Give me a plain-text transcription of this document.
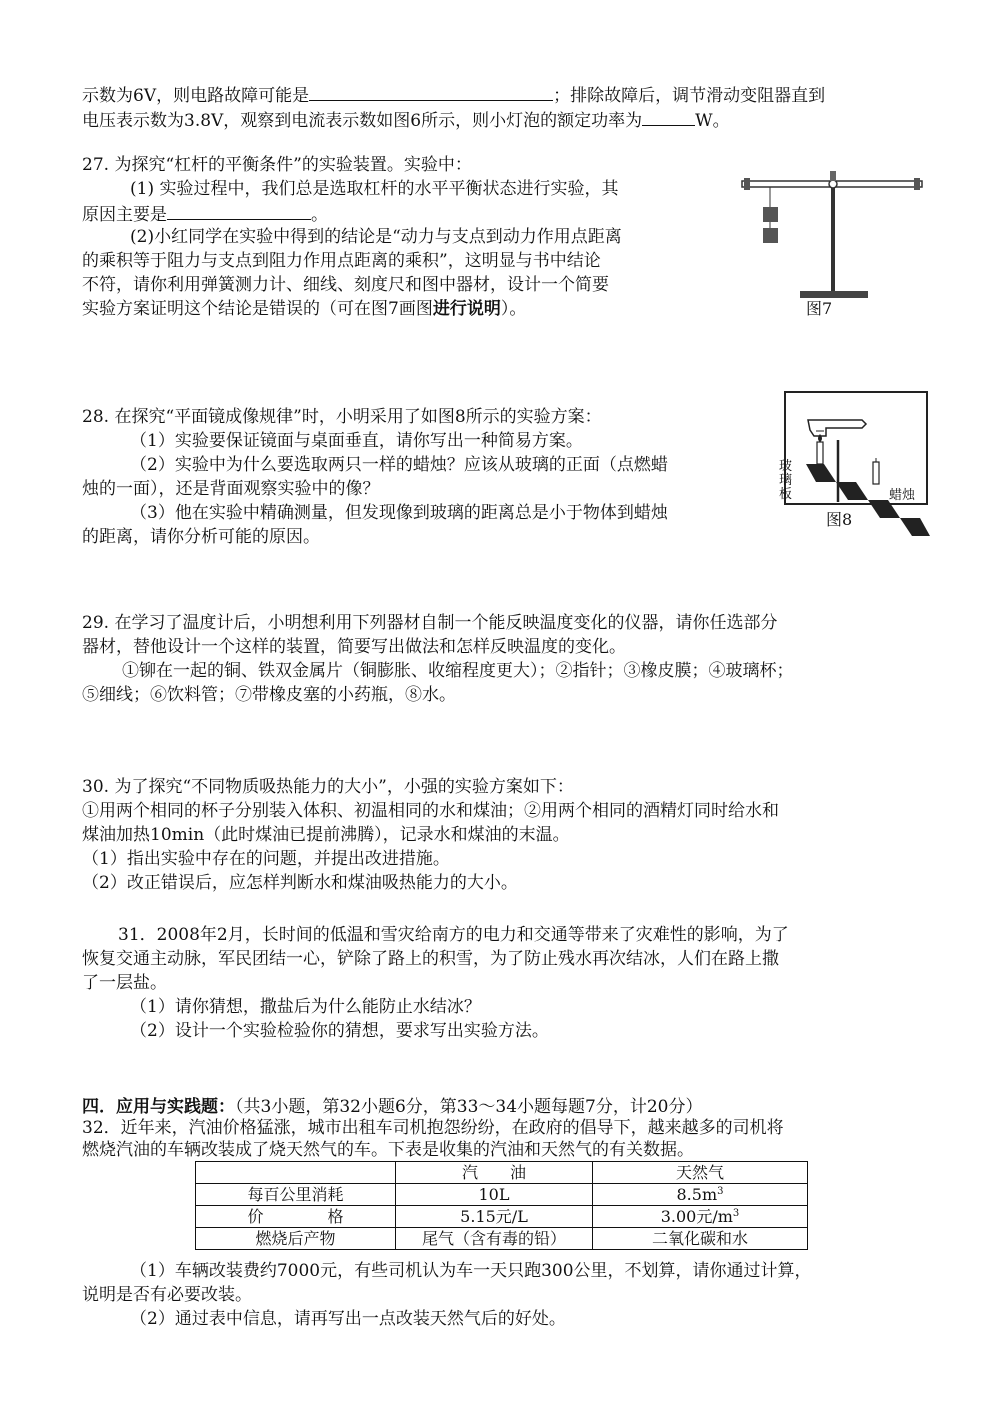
示数为6V，则电路故障可能是	；排除故障后，调节滑动变阻器直到
电压表示数为3.8V，观察到电流表示数如图6所示，则小灯泡的额定功率为	W。
27. 为探究“杠杆的平衡条件”的实验装置。实验中：
(1) 实验过程中，我们总是选取杠杆的水平平衡状态进行实验，其
原因主要是	。
(2)小红同学在实验中得到的结论是“动力与支点到动力作用点距离
的乘积等于阻力与支点到阻力作用点距离的乘积”，这明显与书中结论
不符，请你利用弹簧测力计、细线、刻度尺和图中器材，设计一个简要
实验方案证明这个结论是错误的（可在图7画图进行说明）。	图7
28. 在探究“平面镜成像规律”时，小明采用了如图8所示的实验方案：
（1）实验要保证镜面与桌面垂直，请你写出一种简易方案。
（2）实验中为什么要选取两只一样的蜡烛？应该从玻璃的正面（点燃蜡
烛的一面），还是背面观察实验中的像？
（3）他在实验中精确测量，但发现像到玻璃的距离总是小于物体到蜡烛
的距离，请你分析可能的原因。
玻
璃
板	蜡烛
图8
29. 在学习了温度计后，小明想利用下列器材自制一个能反映温度变化的仪器，请你任选部分
器材，替他设计一个这样的装置，简要写出做法和怎样反映温度的变化。
①铆在一起的铜、铁双金属片（铜膨胀、收缩程度更大）；②指针；③橡皮膜；④玻璃杯；
⑤细线；⑥饮料管；⑦带橡皮塞的小药瓶，⑧水。
30. 为了探究“不同物质吸热能力的大小”，小强的实验方案如下：
①用两个相同的杯子分别装入体积、初温相同的水和煤油；②用两个相同的酒精灯同时给水和
煤油加热10min（此时煤油已提前沸腾），记录水和煤油的末温。
（1）指出实验中存在的问题，并提出改进措施。
（2）改正错误后，应怎样判断水和煤油吸热能力的大小。
31．2008年2月，长时间的低温和雪灾给南方的电力和交通等带来了灾难性的影响，为了
恢复交通主动脉，军民团结一心，铲除了路上的积雪，为了防止残水再次结冰，人们在路上撒
了一层盐。
（1）请你猜想，撒盐后为什么能防止水结冰？
（2）设计一个实验检验你的猜想，要求写出实验方法。
四．应用与实践题：（共3小题，第32小题6分，第33～34小题每题7分，计20分）
32．近年来，汽油价格猛涨，城市出租车司机抱怨纷纷，在政府的倡导下，越来越多的司机将
燃烧汽油的车辆改装成了烧天然气的车。下表是收集的汽油和天然气的有关数据。
	汽　　油	天然气
每百公里消耗	10L	$8.5m^3$
价　　　　格	5.15元/L	3.00元$/m^3$
燃烧后产物	尾气（含有毒的铅）	二氧化碳和水
（1）车辆改装费约7000元，有些司机认为车一天只跑300公里，不划算，请你通过计算，
说明是否有必要改装。
（2）通过表中信息，请再写出一点改装天然气后的好处。
